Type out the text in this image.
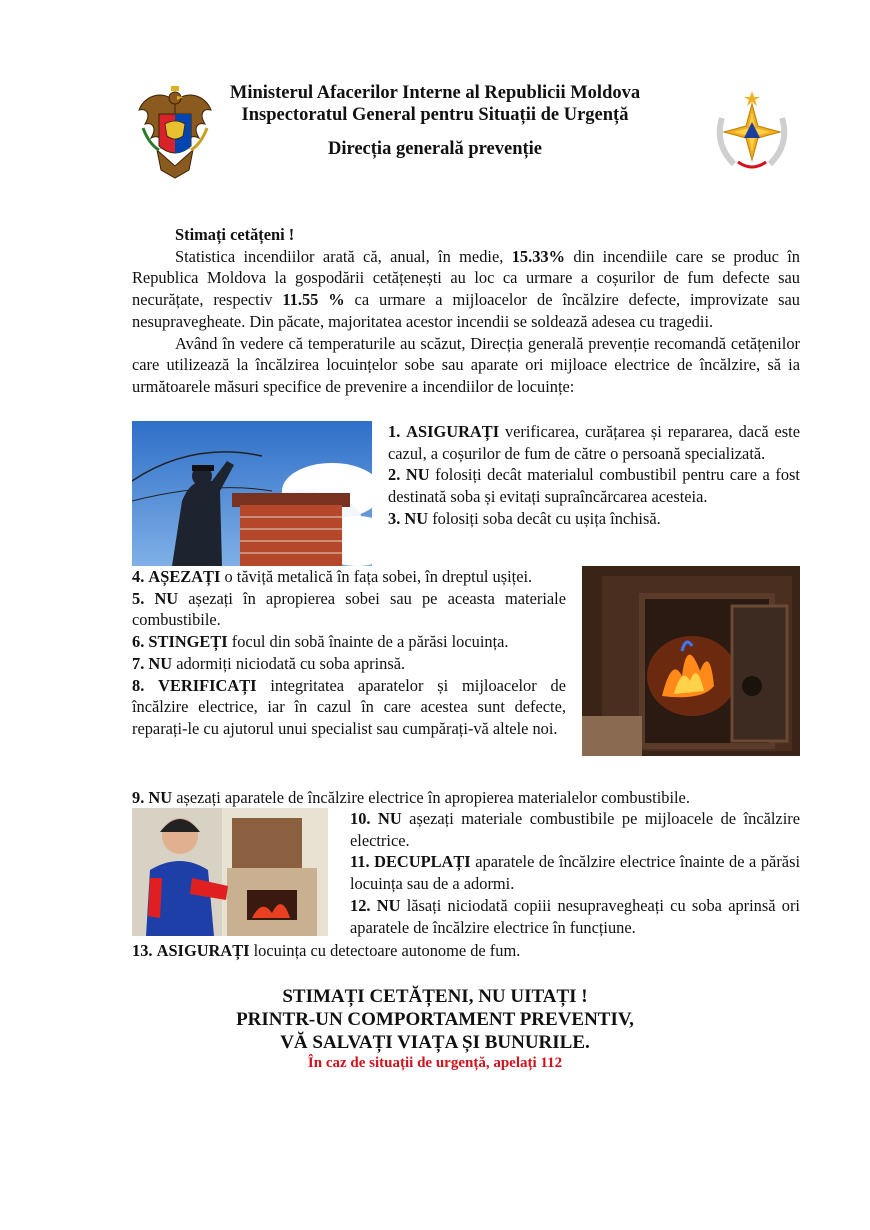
Ministerul Afacerilor Interne al Republicii Moldova
Inspectoratul General pentru Situații de Urgență
Direcția generală prevenție

Stimați cetățeni !

Statistica incendiilor arată că, anual, în medie, 15.33% din incendiile care se produc în Republica Moldova la gospodării cetățenești au loc ca urmare a coșurilor de fum defecte sau necurățate, respectiv 11.55 % ca urmare a mijloacelor de încălzire defecte, improvizate sau nesupravegheate. Din păcate, majoritatea acestor incendii se soldează adesea cu tragedii.

Având în vedere că temperaturile au scăzut, Direcția generală prevenție recomandă cetățenilor care utilizează la încălzirea locuințelor sobe sau aparate ori mijloace electrice de încălzire, să ia următoarele măsuri specifice de prevenire a incendiilor de locuințe:

1. ASIGURAȚI verificarea, curățarea și repararea, dacă este cazul, a coșurilor de fum de către o persoană specializată.

2. NU folosiți decât materialul combustibil pentru care a fost destinată soba și evitați supraîncărcarea acesteia.

3. NU folosiți soba decât cu ușița închisă.

4. AȘEZAȚI o tăviță metalică în fața sobei, în dreptul ușiței.

5. NU așezați în apropierea sobei sau pe aceasta materiale combustibile.

6. STINGEȚI focul din sobă înainte de a părăsi locuința.

7. NU adormiți niciodată cu soba aprinsă.

8. VERIFICAȚI integritatea aparatelor și mijloacelor de încălzire electrice, iar în cazul în care acestea sunt defecte, reparați-le cu ajutorul unui specialist sau cumpărați-vă altele noi.

9. NU așezați aparatele de încălzire electrice în apropierea materialelor combustibile.

10. NU așezați materiale combustibile pe mijloacele de încălzire electrice.

11. DECUPLAȚI aparatele de încălzire electrice înainte de a părăsi locuința sau de a adormi.

12. NU lăsați niciodată copiii nesupravegheați cu soba aprinsă ori aparatele de încălzire electrice în funcțiune.

13. ASIGURAȚI locuința cu detectoare autonome de fum.

STIMAȚI CETĂȚENI, NU UITAȚI !
PRINTR-UN COMPORTAMENT PREVENTIV,
VĂ SALVAȚI VIAȚA ȘI BUNURILE.
În caz de situații de urgență, apelați 112
